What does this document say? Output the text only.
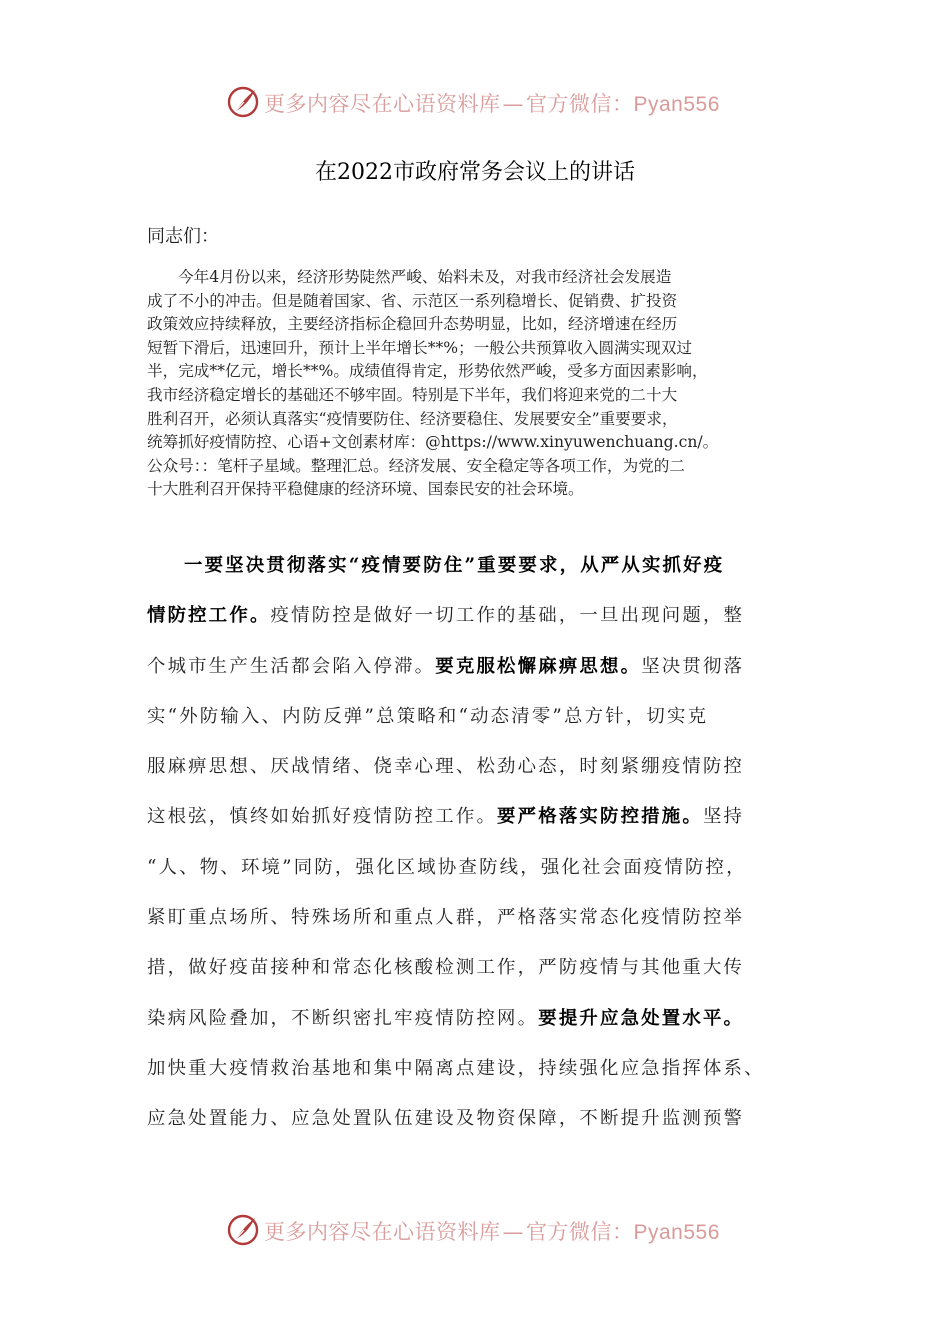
更多内容尽在心语资料库—官方微信：Pyan556
在2022市政府常务会议上的讲话
同志们：

今年4月份以来，经济形势陡然严峻、始料未及，对我市经济社会发展造
成了不小的冲击。但是随着国家、省、示范区一系列稳增长、促销费、扩投资
政策效应持续释放，主要经济指标企稳回升态势明显，比如，经济增速在经历
短暂下滑后，迅速回升，预计上半年增长**%；一般公共预算收入圆满实现双过
半，完成**亿元，增长**%。成绩值得肯定，形势依然严峻，受多方面因素影响，
我市经济稳定增长的基础还不够牢固。特别是下半年，我们将迎来党的二十大
胜利召开，必须认真落实“疫情要防住、经济要稳住、发展要安全”重要要求，
统筹抓好疫情防控、心语+文创素材库：@https://www.xinyuwenchuang.cn/。
公众号：：笔杆子星域。整理汇总。经济发展、安全稳定等各项工作，为党的二
十大胜利召开保持平稳健康的经济环境、国泰民安的社会环境。

一要坚决贯彻落实“疫情要防住”重要要求，从严从实抓好疫
情防控工作。疫情防控是做好一切工作的基础，一旦出现问题，整
个城市生产生活都会陷入停滞。要克服松懈麻痹思想。坚决贯彻落
实“外防输入、内防反弹”总策略和“动态清零”总方针，切实克
服麻痹思想、厌战情绪、侥幸心理、松劲心态，时刻紧绷疫情防控
这根弦，慎终如始抓好疫情防控工作。要严格落实防控措施。坚持
“人、物、环境”同防，强化区域协查防线，强化社会面疫情防控，
紧盯重点场所、特殊场所和重点人群，严格落实常态化疫情防控举
措，做好疫苗接种和常态化核酸检测工作，严防疫情与其他重大传
染病风险叠加，不断织密扎牢疫情防控网。要提升应急处置水平。
加快重大疫情救治基地和集中隔离点建设，持续强化应急指挥体系、
应急处置能力、应急处置队伍建设及物资保障，不断提升监测预警

更多内容尽在心语资料库—官方微信：Pyan556
